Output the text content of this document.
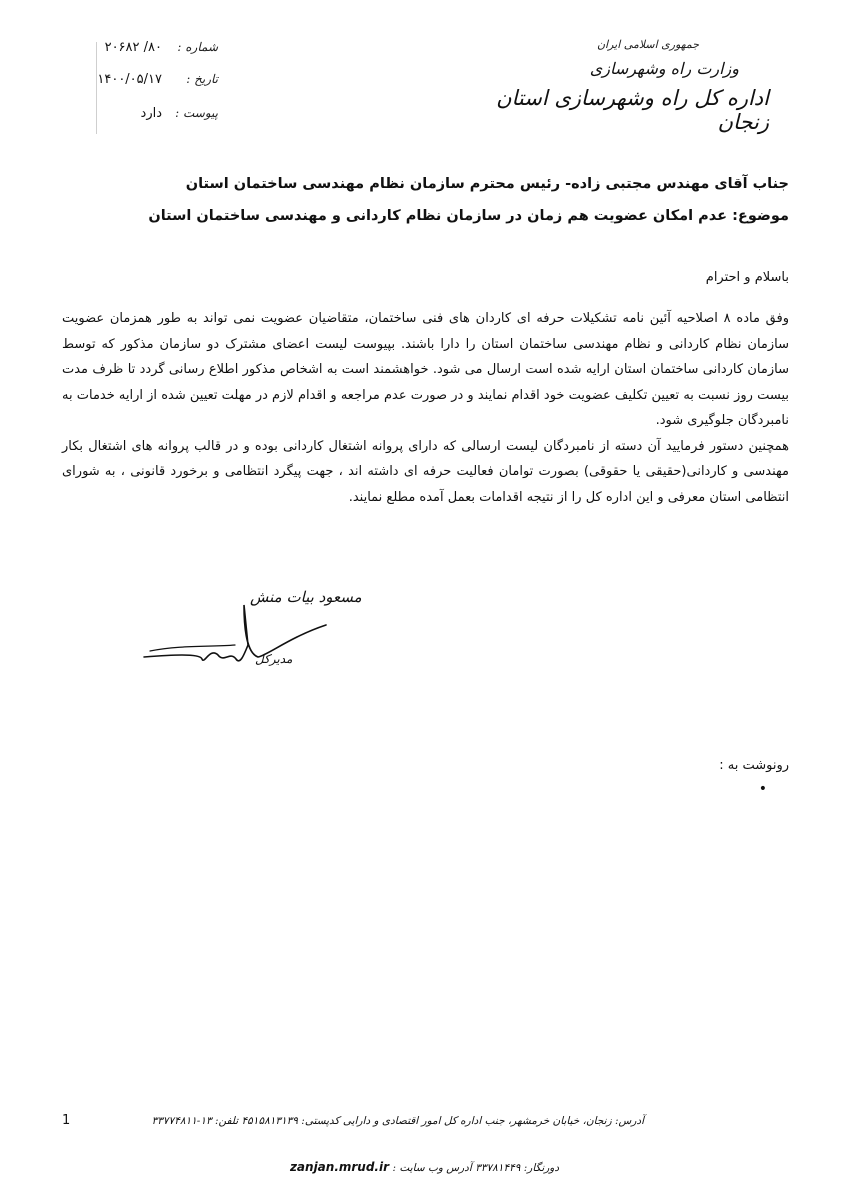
جمهوری اسلامی ایران
وزارت راه وشهرسازی
اداره کل راه وشهرسازی استان زنجان
شماره :
۸۰/ ۲۰۶۸۲
تاریخ :
۱۴۰۰/۰۵/۱۷
پیوست :
دارد
جناب آقای مهندس مجتبی زاده- رئیس محترم سازمان نظام مهندسی ساختمان استان
موضوع: عدم امکان عضویت هم زمان در سازمان نظام کاردانی و مهندسی ساختمان استان
باسلام و احترام

وفق ماده ۸ اصلاحیه آئین نامه تشکیلات حرفه ای کاردان های فنی ساختمان، متقاضیان عضویت نمی تواند به طور همزمان عضویت سازمان نظام کاردانی و نظام مهندسی ساختمان استان را دارا باشند. بپیوست لیست اعضای مشترک دو سازمان مذکور که توسط سازمان کاردانی ساختمان استان ارایه شده است ارسال می شود. خواهشمند است به اشخاص مذکور اطلاع رسانی گردد تا ظرف مدت بیست روز نسبت به تعیین تکلیف عضویت خود اقدام نمایند و در صورت عدم مراجعه و اقدام لازم در مهلت تعیین شده از ارایه خدمات به نامبردگان جلوگیری شود.

همچنین دستور فرمایید آن دسته از نامبردگان لیست ارسالی که دارای پروانه اشتغال کاردانی بوده و در قالب پروانه های اشتغال بکار مهندسی و کاردانی(حقیقی یا حقوقی) بصورت توامان فعالیت حرفه ای داشته اند ، جهت پیگرد انتظامی و برخورد قانونی ، به شورای انتظامی استان معرفی و این اداره کل را از نتیجه اقدامات بعمل آمده مطلع نمایند.

مسعود بیات منش
مدیرکل
رونوشت به :
•
1	آدرس: زنجان، خیابان خرمشهر، جنب اداره کل امور اقتصادی و دارایی کدپستی: ۴۵۱۵۸۱۳۱۳۹ تلفن: ۱۳-۳۳۷۷۴۸۱۱
zanjan.mrud.ir آدرس وب سایت : دورنگار: ۳۳۷۸۱۴۴۹
